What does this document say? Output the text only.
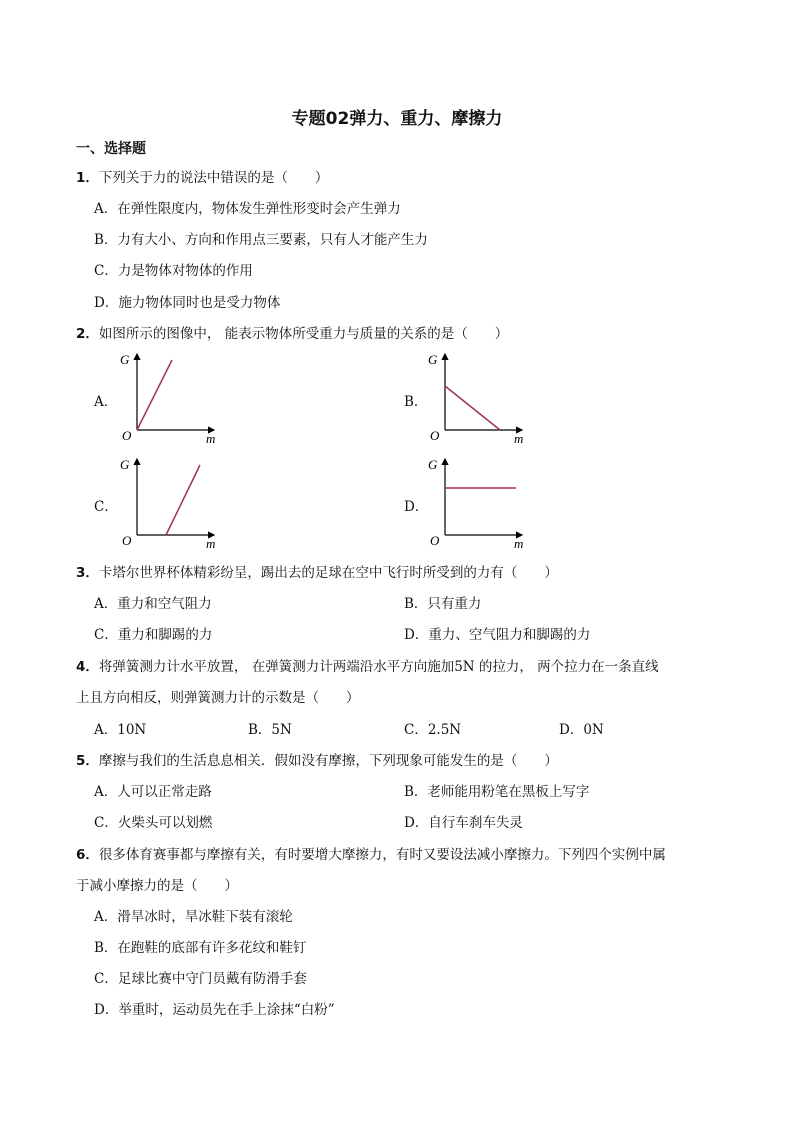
专题02弹力、重力、摩擦力
一、选择题
1．下列关于力的说法中错误的是（　　）
A．在弹性限度内，物体发生弹性形变时会产生弹力
B．力有大小、方向和作用点三要素，只有人才能产生力
C．力是物体对物体的作用
D．施力物体同时也是受力物体
2．如图所示的图像中， 能表示物体所受重力与质量的关系的是（　　）
A．	B．
C．	D．
G
m
O
G
m
O
G
m
O
G
m
O
3．卡塔尔世界杯体精彩纷呈，踢出去的足球在空中飞行时所受到的力有（　　）
A．重力和空气阻力	B．只有重力
C．重力和脚踢的力	D．重力、空气阻力和脚踢的力
4．将弹簧测力计水平放置， 在弹簧测力计两端沿水平方向施加5N 的拉力， 两个拉力在一条直线
上且方向相反，则弹簧测力计的示数是（　　）
A．10N	B．5N	C．2.5N	D．0N
5．摩擦与我们的生活息息相关．假如没有摩擦，下列现象可能发生的是（　　）
A．人可以正常走路	B．老师能用粉笔在黑板上写字
C．火柴头可以划燃	D．自行车刹车失灵
6．很多体育赛事都与摩擦有关，有时要增大摩擦力，有时又要设法减小摩擦力。下列四个实例中属
于减小摩擦力的是（　　）
A．滑旱冰时，旱冰鞋下装有滚轮
B．在跑鞋的底部有许多花纹和鞋钉
C．足球比赛中守门员戴有防滑手套
D．举重时，运动员先在手上涂抹“白粉”
